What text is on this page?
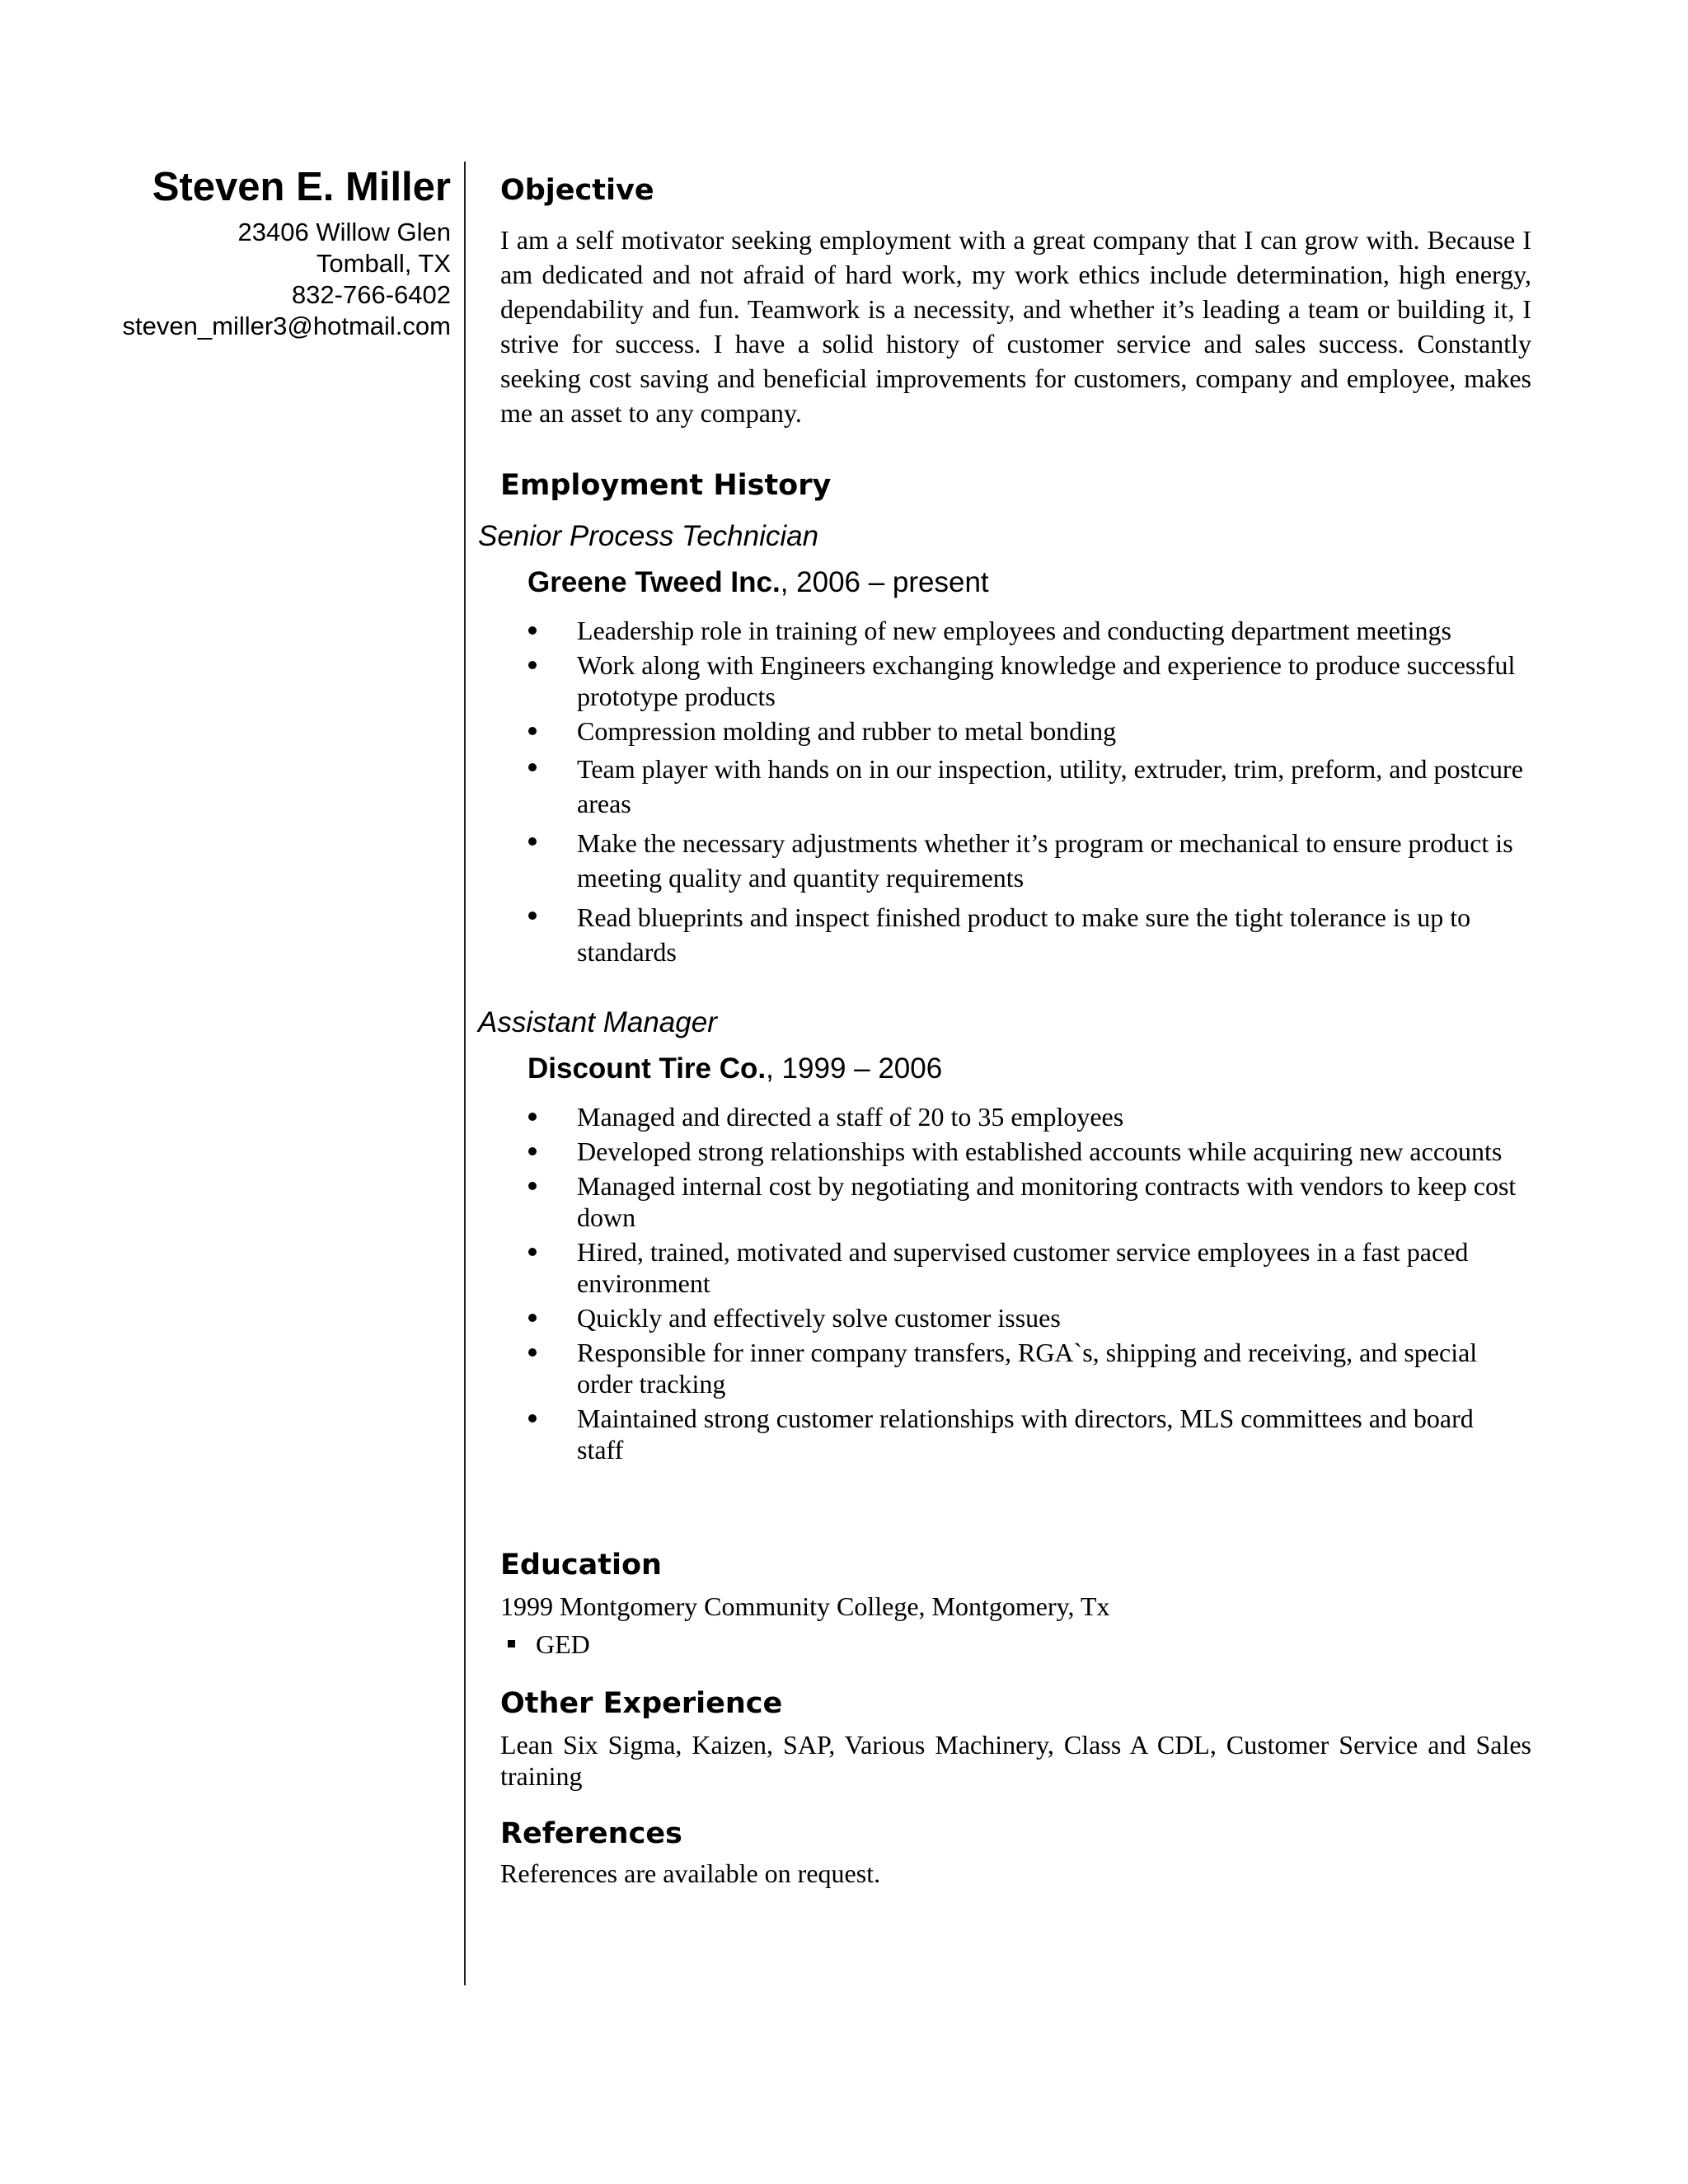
Steven E. Miller
23406 Willow Glen
Tomball, TX
832-766-6402
steven_miller3@hotmail.com
Objective

I am a self motivator seeking employment with a great company that I can grow with. Because I am dedicated and not afraid of hard work, my work ethics include determination, high energy, dependability and fun. Teamwork is a necessity, and whether it’s leading a team or building it, I strive for success. I have a solid history of customer service and sales success. Constantly seeking cost saving and beneficial improvements for customers, company and employee, makes me an asset to any company.

Employment History
Senior Process Technician
Greene Tweed Inc., 2006 – present
Leadership role in training of new employees and conducting department meetings
Work along with Engineers exchanging knowledge and experience to produce successful prototype products
Compression molding and rubber to metal bonding
Team player with hands on in our inspection, utility, extruder, trim, preform, and postcure areas
Make the necessary adjustments whether it’s program or mechanical to ensure product is meeting quality and quantity requirements
Read blueprints and inspect finished product to make sure the tight tolerance is up to standards
Assistant Manager
Discount Tire Co., 1999 – 2006
Managed and directed a staff of 20 to 35 employees
Developed strong relationships with established accounts while acquiring new accounts
Managed internal cost by negotiating and monitoring contracts with vendors to keep cost down
Hired, trained, motivated and supervised customer service employees in a fast paced environment
Quickly and effectively solve customer issues
Responsible for inner company transfers, RGA`s, shipping and receiving, and special order tracking
Maintained strong customer relationships with directors, MLS committees and board staff
Education

1999 Montgomery Community College, Montgomery, Tx

GED

Other Experience

Lean Six Sigma, Kaizen, SAP, Various Machinery, Class A CDL, Customer Service and Sales training

References

References are available on request.
